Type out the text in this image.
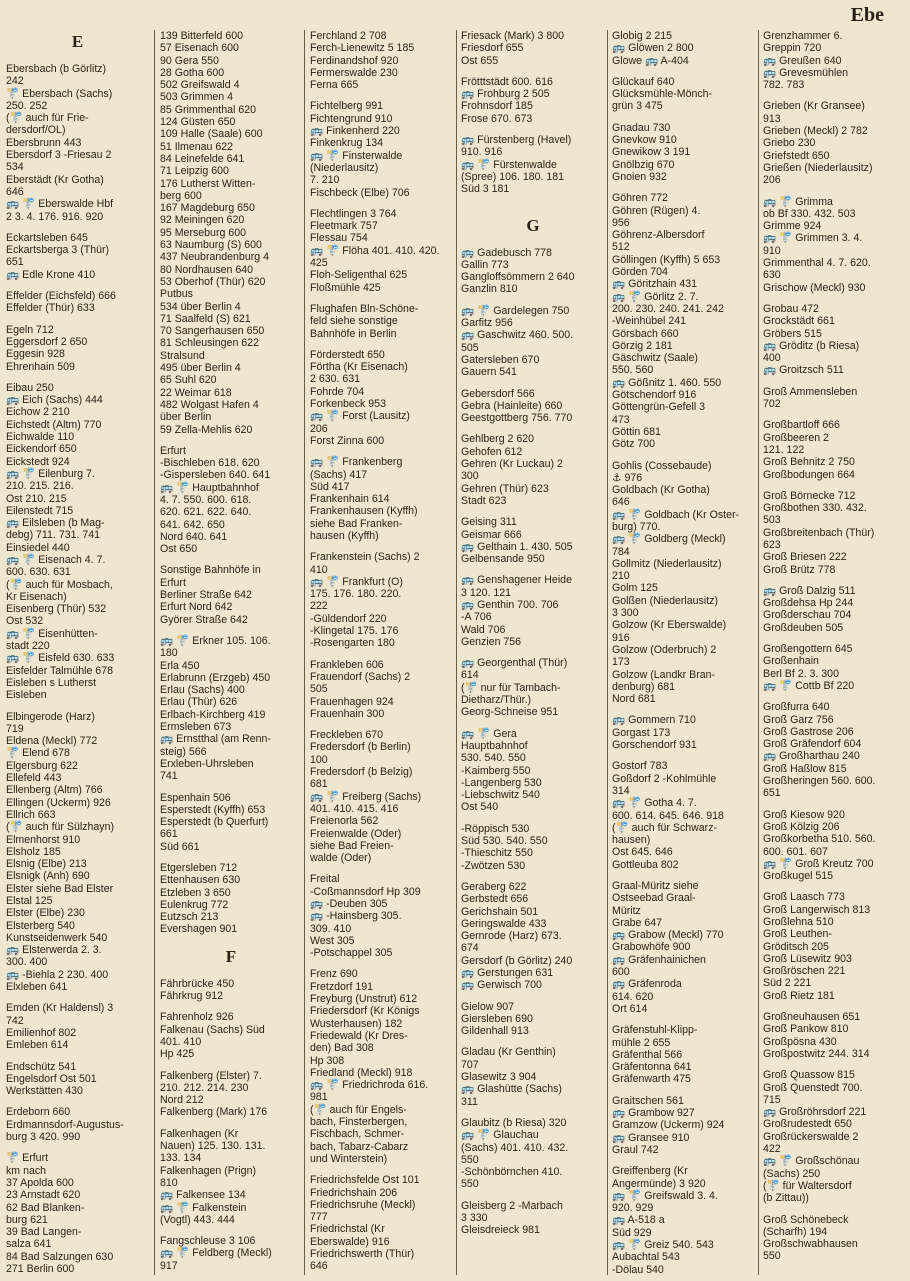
Ebe
E
Ebersbach (b Görlitz)
242
🚏 Ebersbach (Sachs)
250. 252
(🚏 auch für Frie-
dersdorf/OL)
Ebersbrunn 443
Ebersdorf 3 -Friesau 2
534
Eberstädt (Kr Gotha)
646
🚌 🚏 Eberswalde Hbf
2 3. 4. 176. 916. 920
Eckartsleben 645
Eckartsberga 3 (Thür)
651
🚌 Edle Krone 410
Effelder (Eichsfeld) 666
Effelder (Thür) 633
Egeln 712
Eggersdorf 2 650
Eggesin 928
Ehrenhain 509
Eibau 250
🚌 Eich (Sachs) 444
Eichow 2 210
Eichstedt (Altm) 770
Eichwalde 110
Eickendorf 650
Eickstedt 924
🚌 🚏 Eilenburg 7.
210. 215. 216.
Ost 210. 215
Eilenstedt 715
🚌 Eilsleben (b Mag-
debg) 711. 731. 741
Einsiedel 440
🚌 🚏 Eisenach 4. 7.
600. 630. 631
(🚏 auch für Mosbach,
Kr Eisenach)
Eisenberg (Thür) 532
Ost 532
🚌 🚏 Eisenhütten-
stadt 220
🚌 🚏 Eisfeld 630. 633
Eisfelder Talmühle 678
Eisleben s Lutherst
Eisleben
Elbingerode (Harz)
719
Eldena (Meckl) 772
🚏 Elend 678
Elgersburg 622
Ellefeld 443
Ellenberg (Altm) 766
Ellingen (Uckerm) 926
Ellrich 663
(🚏 auch für Sülzhayn)
Elmenhorst 910
Elsholz 185
Elsnig (Elbe) 213
Elsnigk (Anh) 690
Elster siehe Bad Elster
Elstal 125
Elster (Elbe) 230
Elsterberg 540
Kunstseidenwerk 540
🚌 Elsterwerda 2. 3.
300. 400
🚌 -Biehla 2 230. 400
Elxleben 641
Emden (Kr Haldensl) 3
742
Emilienhof 802
Emleben 614
Endschütz 541
Engelsdorf Ost 501
Werkstätten 430
Erdeborn 660
Erdmannsdorf-Augustus-
burg 3 420. 990
🚏 Erfurt
km nach
37 Apolda 600
23 Arnstadt 620
62 Bad Blanken-
burg 621
39 Bad Langen-
salza 641
84 Bad Salzungen 630
271 Berlin 600
139 Bitterfeld 600
57 Eisenach 600
90 Gera 550
28 Gotha 600
502 Greifswald 4
503 Grimmen 4
85 Grimmenthal 620
124 Güsten 650
109 Halle (Saale) 600
51 Ilmenau 622
84 Leinefelde 641
71 Leipzig 600
176 Lutherst Witten-
berg 600
167 Magdeburg 650
92 Meiningen 620
95 Merseburg 600
63 Naumburg (S) 600
437 Neubrandenburg 4
80 Nordhausen 640
53 Oberhof (Thür) 620
Putbus
534 über Berlin 4
71 Saalfeld (S) 621
70 Sangerhausen 650
81 Schleusingen 622
Stralsund
495 über Berlin 4
65 Suhl 620
22 Weimar 618
482 Wolgast Hafen 4
über Berlin
59 Zella-Mehlis 620
Erfurt
-Bischleben 618. 620
-Gispersleben 640. 641
🚌 🚏 Hauptbahnhof
4. 7. 550. 600. 618.
620. 621. 622. 640.
641. 642. 650
Nord 640. 641
Ost 650
Sonstige Bahnhöfe in
Erfurt
Berliner Straße 642
Erfurt Nord 642
Györer Straße 642
🚌 🚏 Erkner 105. 106.
180
Erla 450
Erlabrunn (Erzgeb) 450
Erlau (Sachs) 400
Erlau (Thür) 626
Erlbach-Kirchberg 419
Ermsleben 673
🚌 Ernstthal (am Renn-
steig) 566
Erxleben-Uhrsleben
741
Espenhain 506
Esperstedt (Kyffh) 653
Esperstedt (b Querfurt)
661
Süd 661
Etgersleben 712
Ettenhausen 630
Etzleben 3 650
Eulenkrug 772
Eutzsch 213
Evershagen 901
F
Fährbrücke 450
Fährkrug 912
Fahrenholz 926
Falkenau (Sachs) Süd
401. 410
Hp 425
Falkenberg (Elster) 7.
210. 212. 214. 230
Nord 212
Falkenberg (Mark) 176
Falkenhagen (Kr
Nauen) 125. 130. 131.
133. 134
Falkenhagen (Prign)
810
🚌 Falkensee 134
🚌 🚏 Falkenstein
(Vogtl) 443. 444
Fangschleuse 3 106
🚌 🚏 Feldberg (Meckl)
917
Ferchland 2 708
Ferch-Lienewitz 5 185
Ferdinandshof 920
Fermerswalde 230
Ferna 665
Fichtelberg 991
Fichtengrund 910
🚌 Finkenherd 220
Finkenkrug 134
🚌 🚏 Finsterwalde
(Niederlausitz)
7. 210
Fischbeck (Elbe) 706
Flechtlingen 3 764
Fleetmark 757
Flessau 754
🚌 🚏 Flöha 401. 410. 420.
425
Floh-Seligenthal 625
Floßmühle 425
Flughafen Bln-Schöne-
feld siehe sonstige
Bahnhöfe in Berlin
Förderstedt 650
Förtha (Kr Eisenach)
2 630. 631
Fohrde 704
Forkenbeck 953
🚌 🚏 Forst (Lausitz)
206
Forst Zinna 600
🚌 🚏 Frankenberg
(Sachs) 417
Süd 417
Frankenhain 614
Frankenhausen (Kyffh)
siehe Bad Franken-
hausen (Kyffh)
Frankenstein (Sachs) 2
410
🚌 🚏 Frankfurt (O)
175. 176. 180. 220.
222
-Güldendorf 220
-Klingetal 175. 176
-Rosengarten 180
Frankleben 606
Frauendorf (Sachs) 2
505
Frauenhagen 924
Frauenhain 300
Freckleben 670
Fredersdorf (b Berlin)
100
Fredersdorf (b Belzig)
681
🚌 🚏 Freiberg (Sachs)
401. 410. 415. 416
Freienorla 562
Freienwalde (Oder)
siehe Bad Freien-
walde (Oder)
Freital
-Coßmannsdorf Hp 309
🚌 -Deuben 305
🚌 -Hainsberg 305.
309. 410
West 305
-Potschappel 305
Frenz 690
Fretzdorf 191
Freyburg (Unstrut) 612
Friedersdorf (Kr Königs
Wusterhausen) 182
Friedewald (Kr Dres-
den) Bad 308
Hp 308
Friedland (Meckl) 918
🚌 🚏 Friedrichroda 616.
981
(🚏 auch für Engels-
bach, Finsterbergen,
Fischbach, Schmer-
bach, Tabarz-Cabarz
und Winterstein)
Friedrichsfelde Ost 101
Friedrichshain 206
Friedrichsruhe (Meckl)
777
Friedrichstal (Kr
Eberswalde) 916
Friedrichswerth (Thür)
646
Friesack (Mark) 3 800
Friesdorf 655
Ost 655
Frötttstädt 600. 616
🚌 Frohburg 2 505
Frohnsdorf 185
Frose 670. 673
🚌 Fürstenberg (Havel)
910. 916
🚌 🚏 Fürstenwalde
(Spree) 106. 180. 181
Süd 3 181
G
🚌 Gadebusch 778
Gallin 773
Gangloffsömmern 2 640
Ganzlin 810
🚌 🚏 Gardelegen 750
Garfitz 956
🚌 Gaschwitz 460. 500.
505
Gatersleben 670
Gauern 541
Gebersdorf 566
Gebra (Hainleite) 660
Geestgottberg 756. 770
Gehlberg 2 620
Gehofen 612
Gehren (Kr Luckau) 2
300
Gehren (Thür) 623
Stadt 623
Geising 311
Geismar 666
🚌 Gelthain 1. 430. 505
Gelbensande 950
🚌 Genshagener Heide
3 120. 121
🚌 Genthin 700. 706
-A 706
Wald 706
Genzien 756
🚌 Georgenthal (Thür)
614
(🚏 nur für Tambach-
Dietharz/Thür.)
Georg-Schneise 951
🚌 🚏 Gera
Hauptbahnhof
530. 540. 550
-Kaimberg 550
-Langenberg 530
-Liebschwitz 540
Ost 540
-Röppisch 530
Süd 530. 540. 550
-Thieschitz 550
-Zwötzen 530
Geraberg 622
Gerbstedt 656
Gerichshain 501
Geringswalde 433
Gernrode (Harz) 673.
674
Gersdorf (b Görlitz) 240
🚌 Gerstungen 631
🚌 Gerwisch 700
Gielow 907
Giersleben 690
Gildenhall 913
Gladau (Kr Genthin)
707
Glasewitz 3 904
🚌 Glashütte (Sachs)
311
Glaubitz (b Riesa) 320
🚌 🚏 Glauchau
(Sachs) 401. 410. 432.
550
-Schönbörnchen 410.
550
Gleisberg 2 -Marbach
3 330
Gleisdreieck 981
Globig 2 215
🚌 Glöwen 2 800
Glowe 🚌 A-404
Glückauf 640
Glücksmühle-Mönch-
grün 3 475
Gnadau 730
Gnevkow 910
Gnewikow 3 191
Gnölbzig 670
Gnoien 932
Göhren 772
Göhren (Rügen) 4.
956
Göhrenz-Albersdorf
512
Göllingen (Kyffh) 5 653
Görden 704
🚌 Göritzhain 431
🚌 🚏 Görlitz 2. 7.
200. 230. 240. 241. 242
-Weinhübel 241
Görsbach 660
Görzig 2 181
Gäschwitz (Saale)
550. 560
🚌 Gößnitz 1. 460. 550
Götschendorf 916
Göttengrün-Gefell 3
473
Göttin 681
Götz 700
Gohlis (Cossebaude)
⚓ 976
Goldbach (Kr Gotha)
646
🚌 🚏 Goldbach (Kr Oster-
burg) 770.
🚌 🚏 Goldberg (Meckl)
784
Gollmitz (Niederlausitz)
210
Golm 125
Golßen (Niederlausitz)
3 300
Golzow (Kr Eberswalde)
916
Golzow (Oderbruch) 2
173
Golzow (Landkr Bran-
denburg) 681
Nord 681
🚌 Gommern 710
Gorgast 173
Gorschendorf 931
Gostorf 783
Goßdorf 2 -Kohlmühle
314
🚌 🚏 Gotha 4. 7.
600. 614. 645. 646. 918
(🚏 auch für Schwarz-
hausen)
Ost 645. 646
Gottleuba 802
Graal-Müritz siehe
Ostseebad Graal-
Müritz
Grabe 647
🚌 Grabow (Meckl) 770
Grabowhöfe 900
🚌 Gräfenhainichen
600
🚌 Gräfenroda
614. 620
Ort 614
Gräfenstuhl-Klipp-
mühle 2 655
Gräfenthal 566
Gräfentonna 641
Gräfenwarth 475
Graitschen 561
🚌 Grambow 927
Gramzow (Uckerm) 924
🚌 Gransee 910
Graul 742
Greiffenberg (Kr
Angermünde) 3 920
🚌 🚏 Greifswald 3. 4.
920. 929
🚌 A-518 a
Süd 929
🚌 🚏 Greiz 540. 543
Aubachtal 543
-Dölau 540
Grenzhammer 6.
Greppin 720
🚌 Greußen 640
🚌 Grevesmühlen
782. 783
Grieben (Kr Gransee)
913
Grieben (Meckl) 2 782
Griebo 230
Griefstedt 650
Grießen (Niederlausitz)
206
🚌 🚏 Grimma
ob Bf 330. 432. 503
Grimme 924
🚌 🚏 Grimmen 3. 4.
910
Grimmenthal 4. 7. 620.
630
Grischow (Meckl) 930
Grobau 472
Grockstädt 661
Gröbers 515
🚌 Gröditz (b Riesa)
400
🚌 Groitzsch 511
Groß Ammensleben
702
Großbartloff 666
Großbeeren 2
121. 122
Groß Behnitz 2 750
Großbodungen 664
Groß Börnecke 712
Großbothen 330. 432.
503
Großbreitenbach (Thür)
623
Groß Briesen 222
Groß Brütz 778
🚌 Groß Dalzig 511
Großdehsa Hp 244
Großderschau 704
Großdeuben 505
Großengottern 645
Großenhain
Berl Bf 2. 3. 300
🚌 🚏 Cottb Bf 220
Großfurra 640
Groß Garz 756
Groß Gastrose 206
Groß Gräfendorf 604
🚌 Großharthau 240
Groß Haßlow 815
Großheringen 560. 600.
651
Groß Kiesow 920
Groß Kölzig 206
Großkorbetha 510. 560.
600. 601. 607
🚌 🚏 Groß Kreutz 700
Großkugel 515
Groß Laasch 773
Groß Langerwisch 813
Großlehna 510
Groß Leuthen-
Gröditsch 205
Groß Lüsewitz 903
Großröschen 221
Süd 2 221
Groß Rietz 181
Großneuhausen 651
Groß Pankow 810
Großpösna 430
Großpostwitz 244. 314
Groß Quassow 815
Groß Quenstedt 700.
715
🚌 Großröhrsdorf 221
Großrudestedt 650
Großrückerswalde 2
422
🚌 🚏 Großschönau
(Sachs) 250
(🚏 für Waltersdorf
(b Zittau))
Groß Schönebeck
(Scharfh) 194
Großschwabhausen
550
